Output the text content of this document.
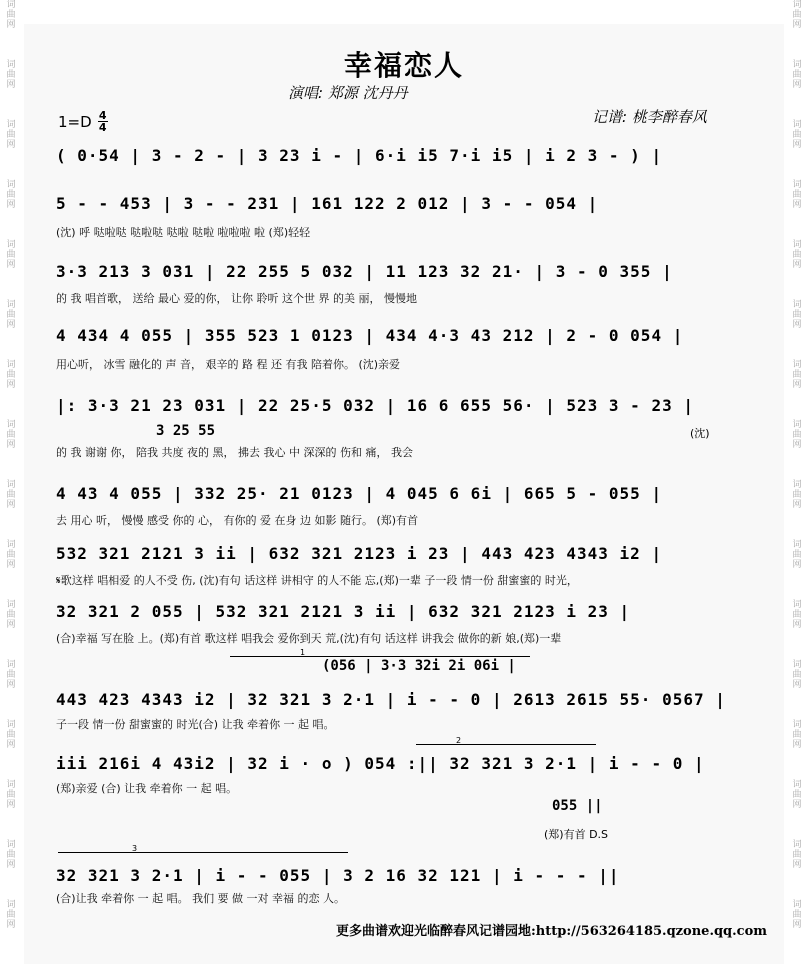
词
曲
网
词
曲
网
词
曲
网
词
曲
网
词
曲
网
词
曲
网
词
曲
网
词
曲
网
词
曲
网
词
曲
网
词
曲
网
词
曲
网
词
曲
网
词
曲
网
词
曲
网
词
曲
网
词
曲
网
词
曲
网
词
曲
网
词
曲
网
词
曲
网
词
曲
网
词
曲
网
词
曲
网
词
曲
网
词
曲
网
词
曲
网
词
曲
网
词
曲
网
词
曲
网
词
曲
网
词
曲
网
幸福恋人
演唱: 郑源 沈丹丹
1=D 4
4
记谱: 桃李醉春风
( 0·54 | 3 - 2 - | 3 23 i - | 6·i i5 7·i i5 | i 2 3 - ) |
5 - - 453 | 3 - - 231 | 161 122 2 012 | 3 - - 054 |
(沈) 呼 哒啦哒 哒啦哒 哒啦 哒啦 啦啦啦 啦 (郑)轻轻
3·3 213 3 031 | 22 255 5 032 | 11 123 32 21· | 3 - 0 355 |
的 我 唱首歌， 送给 最心 爱的你， 让你 聆听 这个世 界 的美 丽， 慢慢地
4 434 4 055 | 355 523 1 0123 | 434 4·3 43 212 | 2 - 0 054 |
用心听， 冰雪 融化的 声 音， 艰辛的 路 程 还 有我 陪着你。 (沈)亲爱
|: 3·3 21 23 031 | 22 25·5 032 | 16 6 655 56· | 523 3 - 23 |
3 25 55	(沈)
的 我 谢谢 你， 陪我 共度 夜的 黑， 拂去 我心 中 深深的 伤和 痛， 我会
4 43 4 055 | 332 25· 21 0123 | 4 045 6 6i | 665 5 - 055 |
去 用心 听， 慢慢 感受 你的 心， 有你的 爱 在身 边 如影 随行。 (郑)有首
532 321 2121 3 ii | 632 321 2123 i 23 | 443 423 4343 i2 |
𝄋歌这样 唱相爱 的人不受 伤, (沈)有句 话这样 讲相守 的人不能 忘,(郑)一辈 子一段 情一份 甜蜜蜜的 时光，
32 321 2 055 | 532 321 2121 3 ii | 632 321 2123 i 23 |
(合)幸福 写在脸 上。(郑)有首 歌这样 唱我会 爱你到天 荒,(沈)有句 话这样 讲我会 做你的新 娘,(郑)一辈
1
(056 | 3·3 32i 2i 06i |
443 423 4343 i2 | 32 321 3 2·1 | i - - 0 | 2613 2615 55· 0567 |
子一段 情一份 甜蜜蜜的 时光(合) 让我 牵着你 一 起 唱。
2
iii 216i 4 43i2 | 32 i · o ) 054 :|| 32 321 3 2·1 | i - - 0 |
(郑)亲爱 (合) 让我 牵着你 一 起 唱。
055 ||
(郑)有首 D.S
3
32 321 3 2·1 | i - - 055 | 3 2 16 32 121 | i - - - ||
(合)让我 牵着你 一 起 唱。 我们 要 做 一对 幸福 的恋 人。
更多曲谱欢迎光临醉春风记谱园地:http://563264185.qzone.qq.com
